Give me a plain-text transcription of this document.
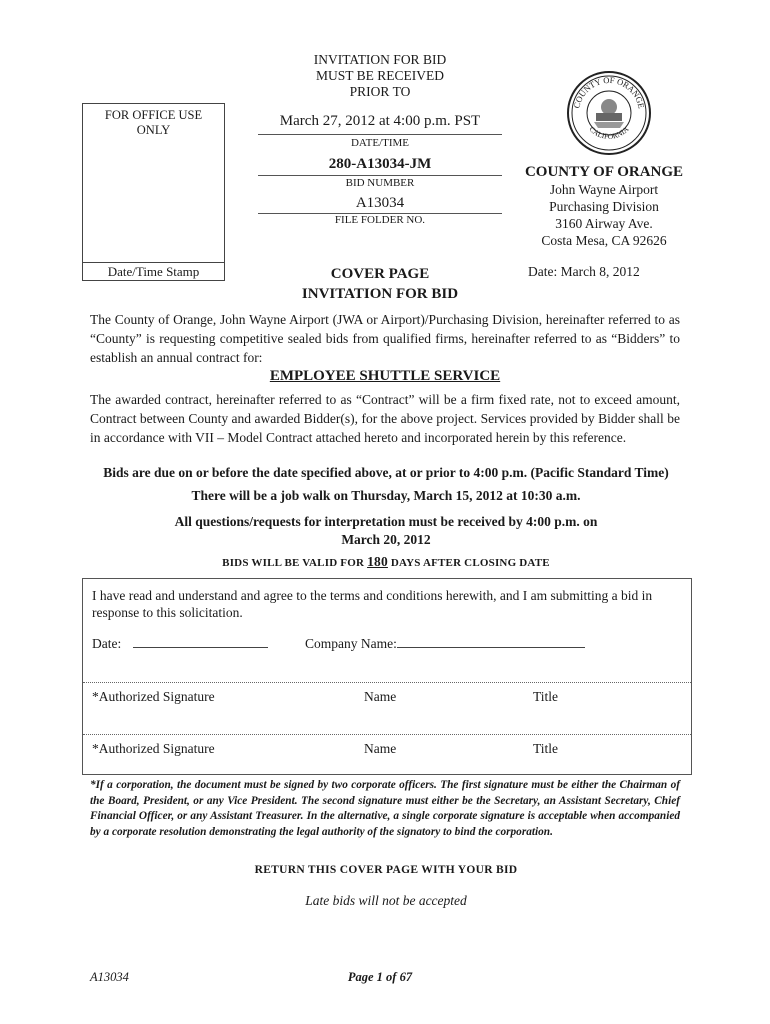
INVITATION FOR BID
MUST BE RECEIVED
PRIOR TO
March 27, 2012 at 4:00 p.m. PST
DATE/TIME
280-A13034-JM
BID NUMBER
A13034
FILE FOLDER NO.
FOR OFFICE USE
ONLY
Date/Time Stamp
COUNTY OF ORANGE
CALIFORNIA
COUNTY OF ORANGE
John Wayne Airport
Purchasing Division
3160 Airway Ave.
Costa Mesa, CA 92626
Date: March 8, 2012
COVER PAGE
INVITATION FOR BID
The County of Orange, John Wayne Airport (JWA or Airport)/Purchasing Division, hereinafter referred to as “County” is requesting competitive sealed bids from qualified firms, hereinafter referred to as “Bidders” to establish an annual contract for:
EMPLOYEE SHUTTLE SERVICE
The awarded contract, hereinafter referred to as “Contract” will be a firm fixed rate, not to exceed amount, Contract between County and awarded Bidder(s), for the above project. Services provided by Bidder shall be in accordance with VII – Model Contract attached hereto and incorporated herein by this reference.
Bids are due on or before the date specified above, at or prior to 4:00 p.m. (Pacific Standard Time)
There will be a job walk on Thursday, March 15, 2012 at 10:30 a.m.
All questions/requests for interpretation must be received by 4:00 p.m. on
March 20, 2012
BIDS WILL BE VALID FOR 180 DAYS AFTER CLOSING DATE
I have read and understand and agree to the terms and conditions herewith, and I am submitting a bid in response to this solicitation.
Date:	Company Name:
*Authorized Signature	Name	Title
*Authorized Signature	Name	Title
*If a corporation, the document must be signed by two corporate officers. The first signature must be either the Chairman of the Board, President, or any Vice President. The second signature must either be the Secretary, an Assistant Secretary, Chief Financial Officer, or any Assistant Treasurer. In the alternative, a single corporate signature is acceptable when accompanied by a corporate resolution demonstrating the legal authority of the signatory to bind the corporation.
RETURN THIS COVER PAGE WITH YOUR BID
Late bids will not be accepted
A13034	Page 1 of 67
